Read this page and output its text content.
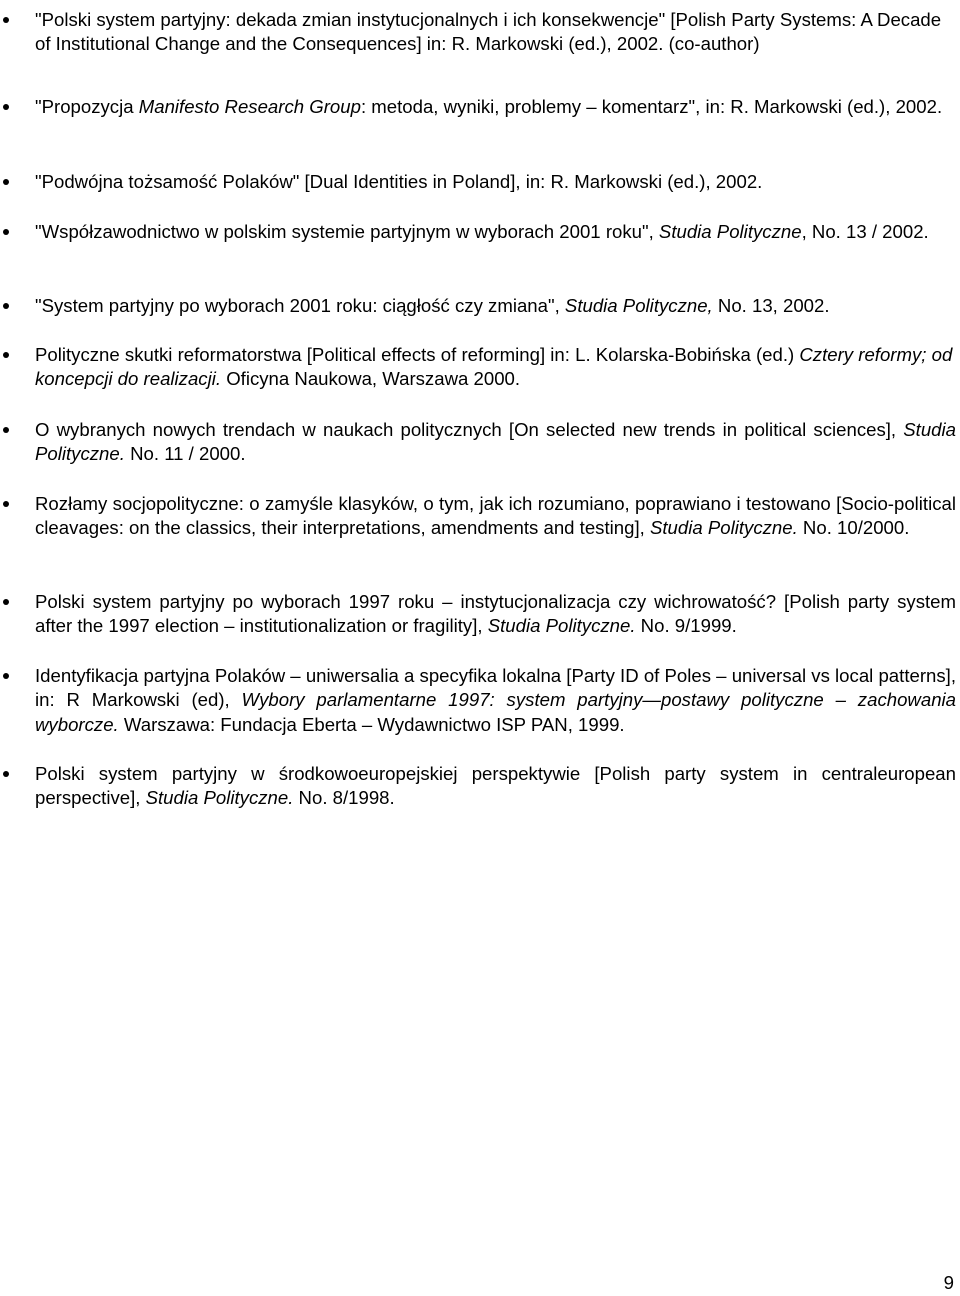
"Polski system partyjny: dekada zmian instytucjonalnych i ich konsekwencje" [Polish Party Systems: A Decade of Institutional Change and the Consequences] in: R. Markowski (ed.), 2002. (co-author)

"Propozycja Manifesto Research Group: metoda, wyniki, problemy – komentarz", in: R. Markowski (ed.), 2002.

"Podwójna tożsamość Polaków" [Dual Identities in Poland], in: R. Markowski (ed.), 2002.

"Współzawodnictwo w polskim systemie partyjnym w wyborach 2001 roku", Studia Polityczne, No. 13 / 2002.

"System partyjny po wyborach 2001 roku: ciągłość czy zmiana", Studia Polityczne, No. 13, 2002.

Polityczne skutki reformatorstwa [Political effects of reforming] in: L. Kolarska-Bobińska (ed.) Cztery reformy; od koncepcji do realizacji. Oficyna Naukowa, Warszawa 2000.

O wybranych nowych trendach w naukach politycznych [On selected new trends in political sciences], Studia Polityczne. No. 11 / 2000.

Rozłamy socjopolityczne: o zamyśle klasyków, o tym, jak ich rozumiano, poprawiano i testowano [Socio-political cleavages: on the classics, their interpretations, amendments and testing], Studia Polityczne. No. 10/2000.

Polski system partyjny po wyborach 1997 roku – instytucjonalizacja czy wichrowatość? [Polish party system after the 1997 election – institutionalization or fragility], Studia Polityczne. No. 9/1999.

Identyfikacja partyjna Polaków – uniwersalia a specyfika lokalna [Party ID of Poles – universal vs local patterns], in: R Markowski (ed), Wybory parlamentarne 1997: system partyjny—postawy polityczne – zachowania wyborcze. Warszawa: Fundacja Eberta – Wydawnictwo ISP PAN, 1999.

Polski system partyjny w środkowoeuropejskiej perspektywie [Polish party system in centraleuropean perspective], Studia Polityczne. No. 8/1998.

9
